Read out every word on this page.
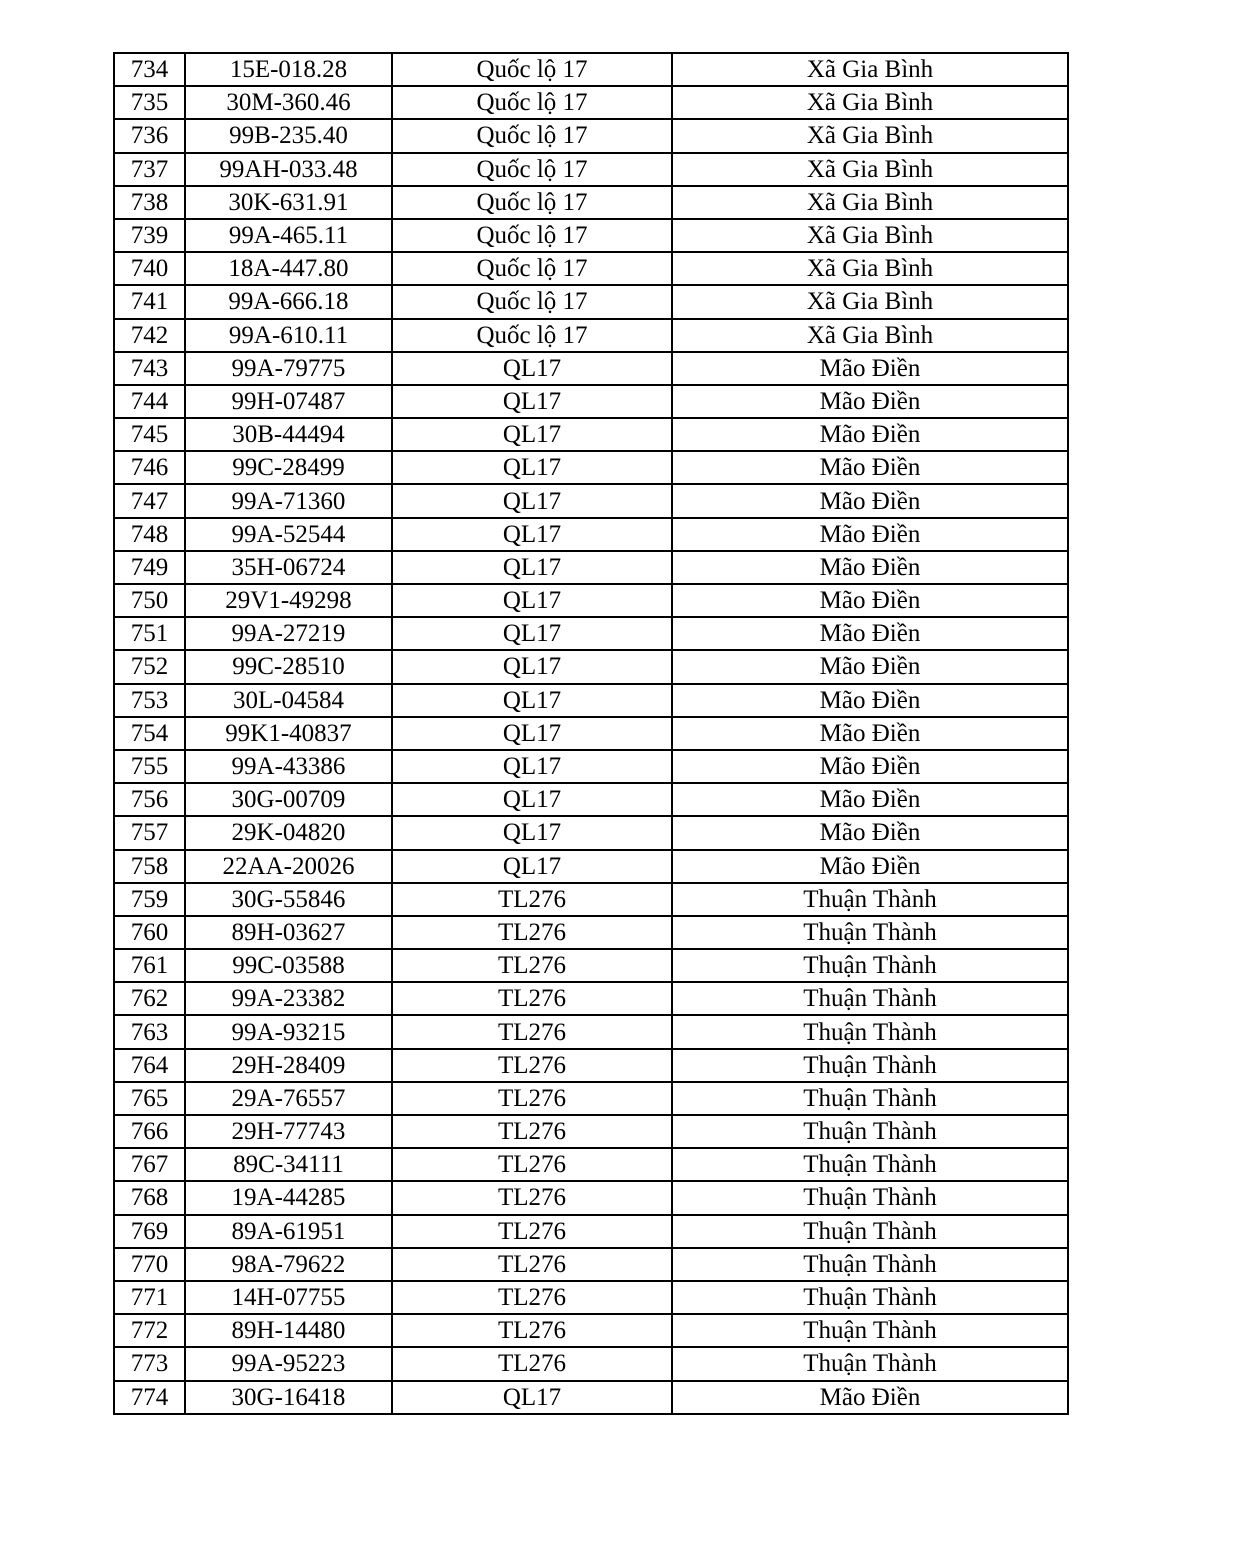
734	15E-018.28	Quốc lộ 17	Xã Gia Bình
735	30M-360.46	Quốc lộ 17	Xã Gia Bình
736	99B-235.40	Quốc lộ 17	Xã Gia Bình
737	99AH-033.48	Quốc lộ 17	Xã Gia Bình
738	30K-631.91	Quốc lộ 17	Xã Gia Bình
739	99A-465.11	Quốc lộ 17	Xã Gia Bình
740	18A-447.80	Quốc lộ 17	Xã Gia Bình
741	99A-666.18	Quốc lộ 17	Xã Gia Bình
742	99A-610.11	Quốc lộ 17	Xã Gia Bình
743	99A-79775	QL17	Mão Điền
744	99H-07487	QL17	Mão Điền
745	30B-44494	QL17	Mão Điền
746	99C-28499	QL17	Mão Điền
747	99A-71360	QL17	Mão Điền
748	99A-52544	QL17	Mão Điền
749	35H-06724	QL17	Mão Điền
750	29V1-49298	QL17	Mão Điền
751	99A-27219	QL17	Mão Điền
752	99C-28510	QL17	Mão Điền
753	30L-04584	QL17	Mão Điền
754	99K1-40837	QL17	Mão Điền
755	99A-43386	QL17	Mão Điền
756	30G-00709	QL17	Mão Điền
757	29K-04820	QL17	Mão Điền
758	22AA-20026	QL17	Mão Điền
759	30G-55846	TL276	Thuận Thành
760	89H-03627	TL276	Thuận Thành
761	99C-03588	TL276	Thuận Thành
762	99A-23382	TL276	Thuận Thành
763	99A-93215	TL276	Thuận Thành
764	29H-28409	TL276	Thuận Thành
765	29A-76557	TL276	Thuận Thành
766	29H-77743	TL276	Thuận Thành
767	89C-34111	TL276	Thuận Thành
768	19A-44285	TL276	Thuận Thành
769	89A-61951	TL276	Thuận Thành
770	98A-79622	TL276	Thuận Thành
771	14H-07755	TL276	Thuận Thành
772	89H-14480	TL276	Thuận Thành
773	99A-95223	TL276	Thuận Thành
774	30G-16418	QL17	Mão Điền
